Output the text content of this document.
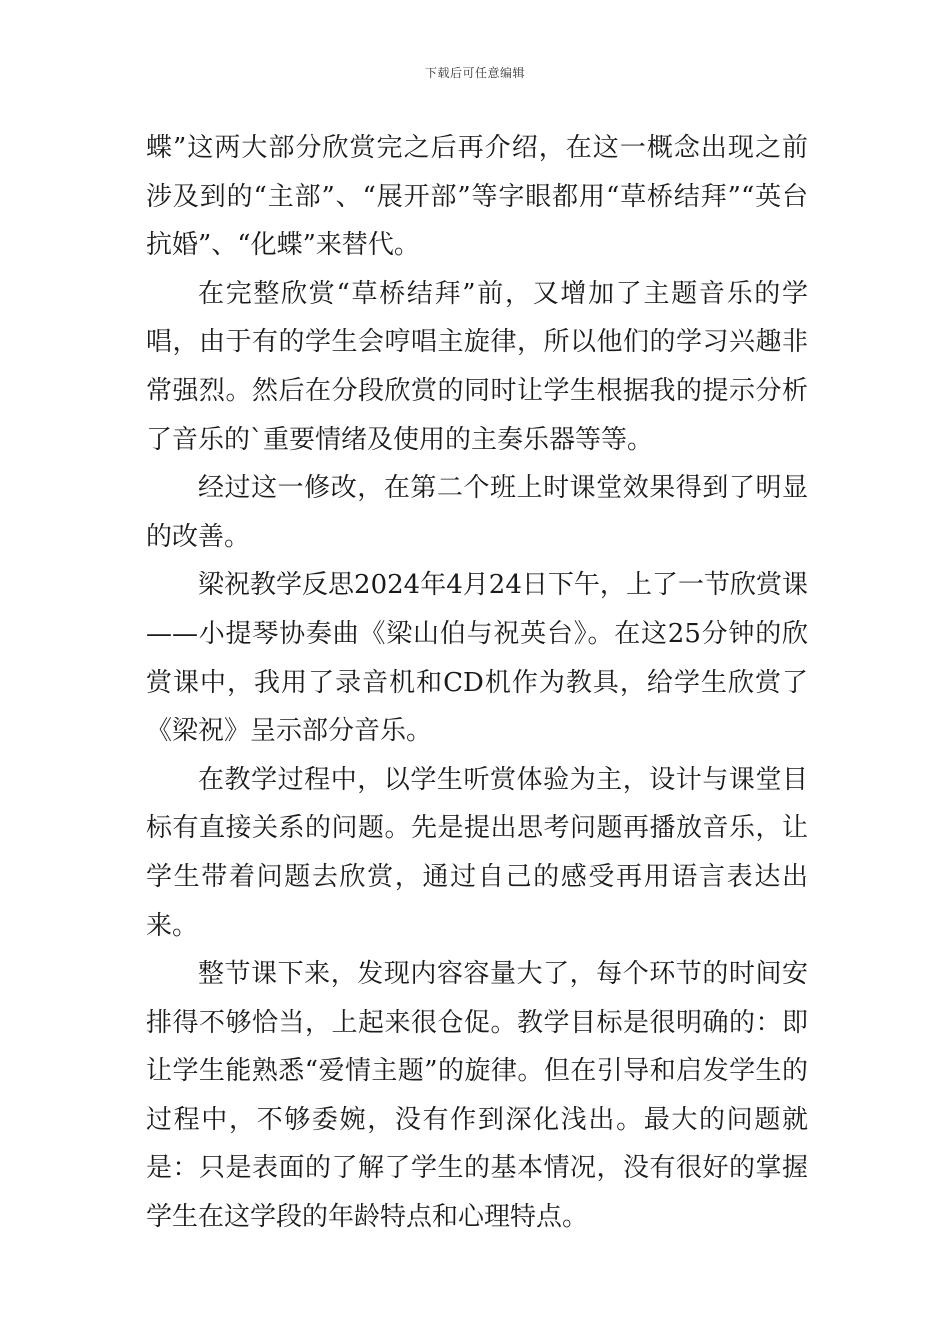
下载后可任意编辑

蝶”这两大部分欣赏完之后再介绍，在这一概念出现之前涉及到的“主部”、“展开部”等字眼都用“草桥结拜”“英台抗婚”、“化蝶”来替代。

在完整欣赏“草桥结拜”前，又增加了主题音乐的学唱，由于有的学生会哼唱主旋律，所以他们的学习兴趣非常强烈。然后在分段欣赏的同时让学生根据我的提示分析了音乐的`重要情绪及使用的主奏乐器等等。

经过这一修改，在第二个班上时课堂效果得到了明显的改善。

梁祝教学反思2024年4月24日下午，上了一节欣赏课——小提琴协奏曲《梁山伯与祝英台》。在这25分钟的欣赏课中，我用了录音机和CD机作为教具，给学生欣赏了《梁祝》呈示部分音乐。

在教学过程中，以学生听赏体验为主，设计与课堂目标有直接关系的问题。先是提出思考问题再播放音乐，让学生带着问题去欣赏，通过自己的感受再用语言表达出来。

整节课下来，发现内容容量大了，每个环节的时间安排得不够恰当，上起来很仓促。教学目标是很明确的：即让学生能熟悉“爱情主题”的旋律。但在引导和启发学生的过程中，不够委婉，没有作到深化浅出。最大的问题就是：只是表面的了解了学生的基本情况，没有很好的掌握学生在这学段的年龄特点和心理特点。
